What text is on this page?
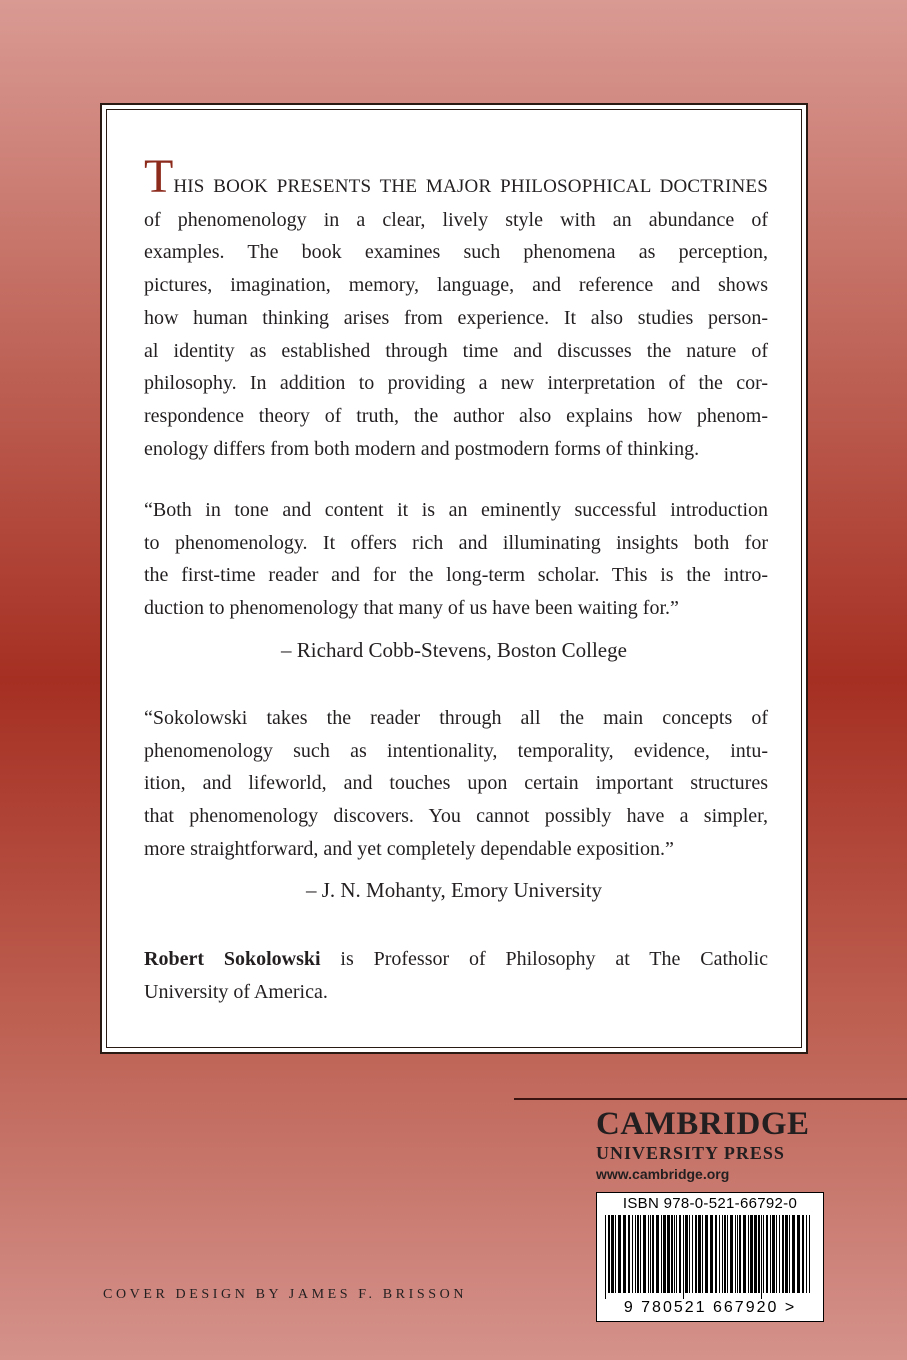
THIS BOOK PRESENTS THE MAJOR PHILOSOPHICAL DOCTRINES
of phenomenology in a clear, lively style with an abundance of
examples. The book examines such phenomena as perception,
pictures, imagination, memory, language, and reference and shows
how human thinking arises from experience. It also studies person-
al identity as established through time and discusses the nature of
philosophy. In addition to providing a new interpretation of the cor-
respondence theory of truth, the author also explains how phenom-
enology differs from both modern and postmodern forms of thinking.
“Both in tone and content it is an eminently successful introduction
to phenomenology. It offers rich and illuminating insights both for
the first-time reader and for the long-term scholar. This is the intro-
duction to phenomenology that many of us have been waiting for.”
– Richard Cobb-Stevens, Boston College
“Sokolowski takes the reader through all the main concepts of
phenomenology such as intentionality, temporality, evidence, intu-
ition, and lifeworld, and touches upon certain important structures
that phenomenology discovers. You cannot possibly have a simpler,
more straightforward, and yet completely dependable exposition.”
– J. N. Mohanty, Emory University
Robert Sokolowski is Professor of Philosophy at The Catholic
University of America.
CAMBRIDGE
UNIVERSITY PRESS
www.cambridge.org
ISBN 978-0-521-66792-0
9 780521 667920 >
COVER DESIGN BY JAMES F. BRISSON
